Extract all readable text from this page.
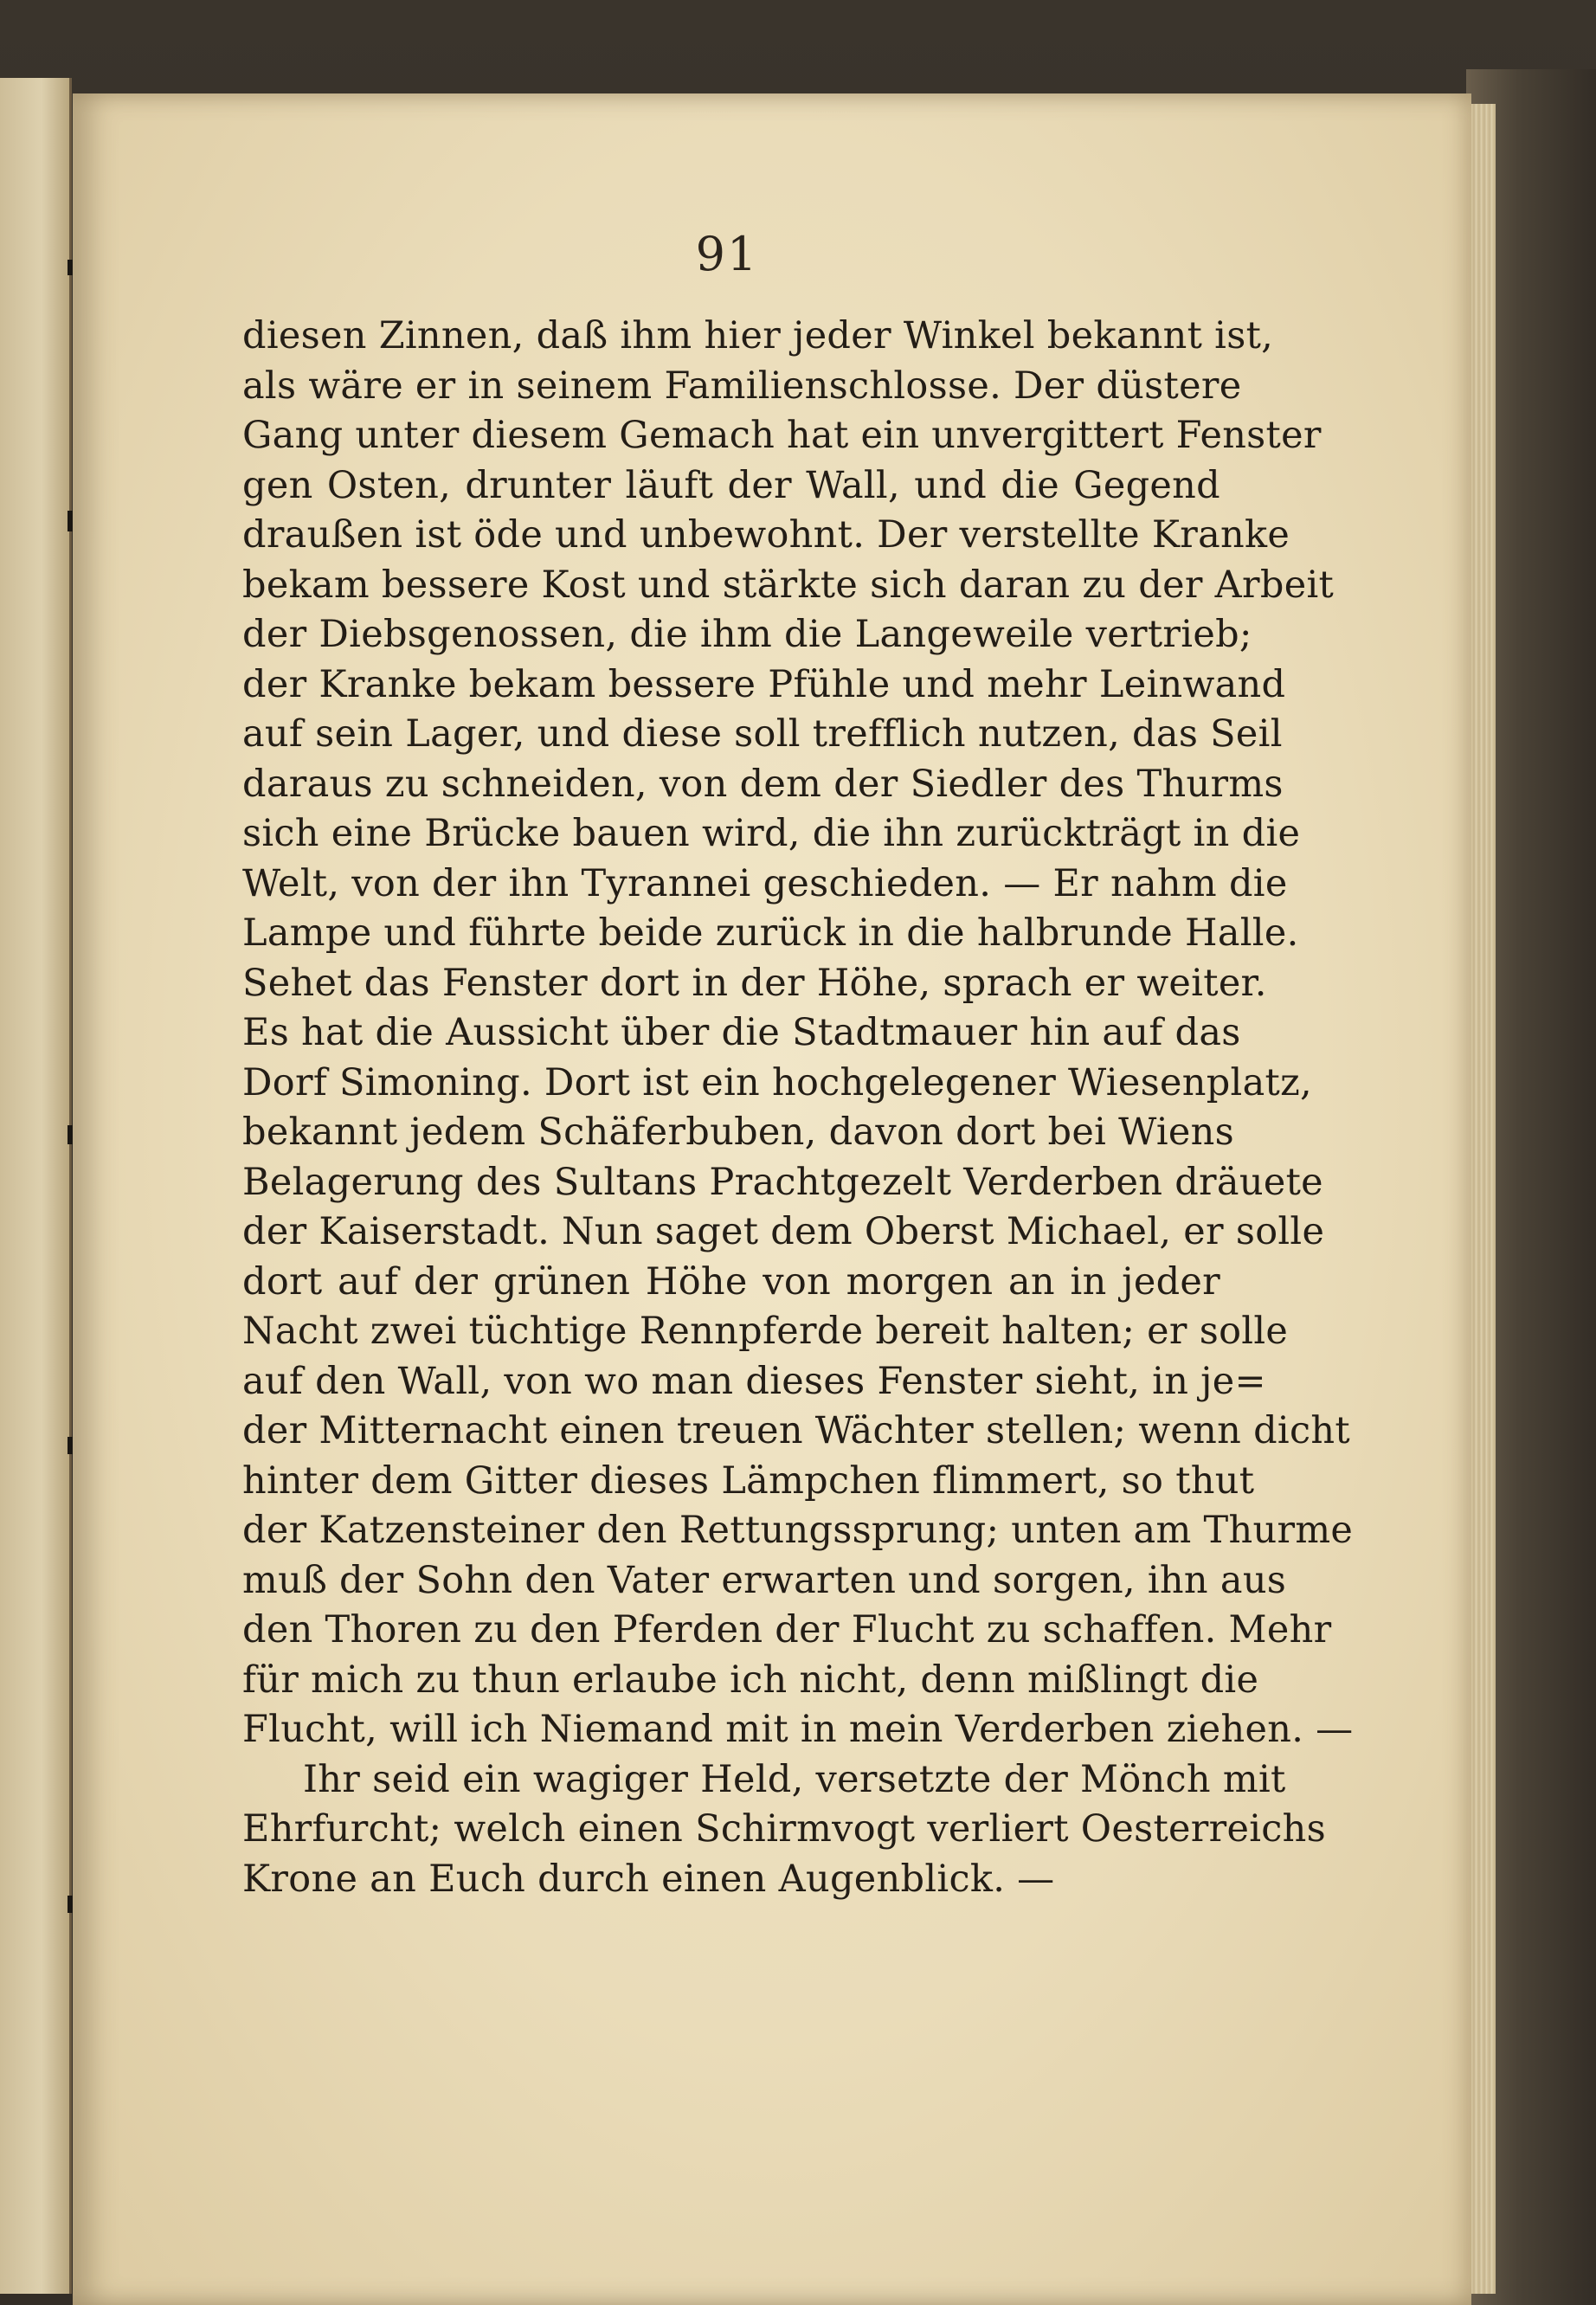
91
diesen Zinnen, daß ihm hier jeder Winkel bekannt ist,
als wäre er in seinem Familienschlosse. Der düstere
Gang unter diesem Gemach hat ein unvergittert Fenster
gen Osten, drunter läuft der Wall, und die Gegend
draußen ist öde und unbewohnt. Der verstellte Kranke
bekam bessere Kost und stärkte sich daran zu der Arbeit
der Diebsgenossen, die ihm die Langeweile vertrieb;
der Kranke bekam bessere Pfühle und mehr Leinwand
auf sein Lager, und diese soll trefflich nutzen, das Seil
daraus zu schneiden, von dem der Siedler des Thurms
sich eine Brücke bauen wird, die ihn zurückträgt in die
Welt, von der ihn Tyrannei geschieden. — Er nahm die
Lampe und führte beide zurück in die halbrunde Halle.
Sehet das Fenster dort in der Höhe, sprach er weiter.
Es hat die Aussicht über die Stadtmauer hin auf das
Dorf Simoning. Dort ist ein hochgelegener Wiesenplatz,
bekannt jedem Schäferbuben, davon dort bei Wiens
Belagerung des Sultans Prachtgezelt Verderben dräuete
der Kaiserstadt. Nun saget dem Oberst Michael, er solle
dort auf der grünen Höhe von morgen an in jeder
Nacht zwei tüchtige Rennpferde bereit halten; er solle
auf den Wall, von wo man dieses Fenster sieht, in je=
der Mitternacht einen treuen Wächter stellen; wenn dicht
hinter dem Gitter dieses Lämpchen flimmert, so thut
der Katzensteiner den Rettungssprung; unten am Thurme
muß der Sohn den Vater erwarten und sorgen, ihn aus
den Thoren zu den Pferden der Flucht zu schaffen. Mehr
für mich zu thun erlaube ich nicht, denn mißlingt die
Flucht, will ich Niemand mit in mein Verderben ziehen. —
Ihr seid ein wagiger Held, versetzte der Mönch mit
Ehrfurcht; welch einen Schirmvogt verliert Oesterreichs
Krone an Euch durch einen Augenblick. —
